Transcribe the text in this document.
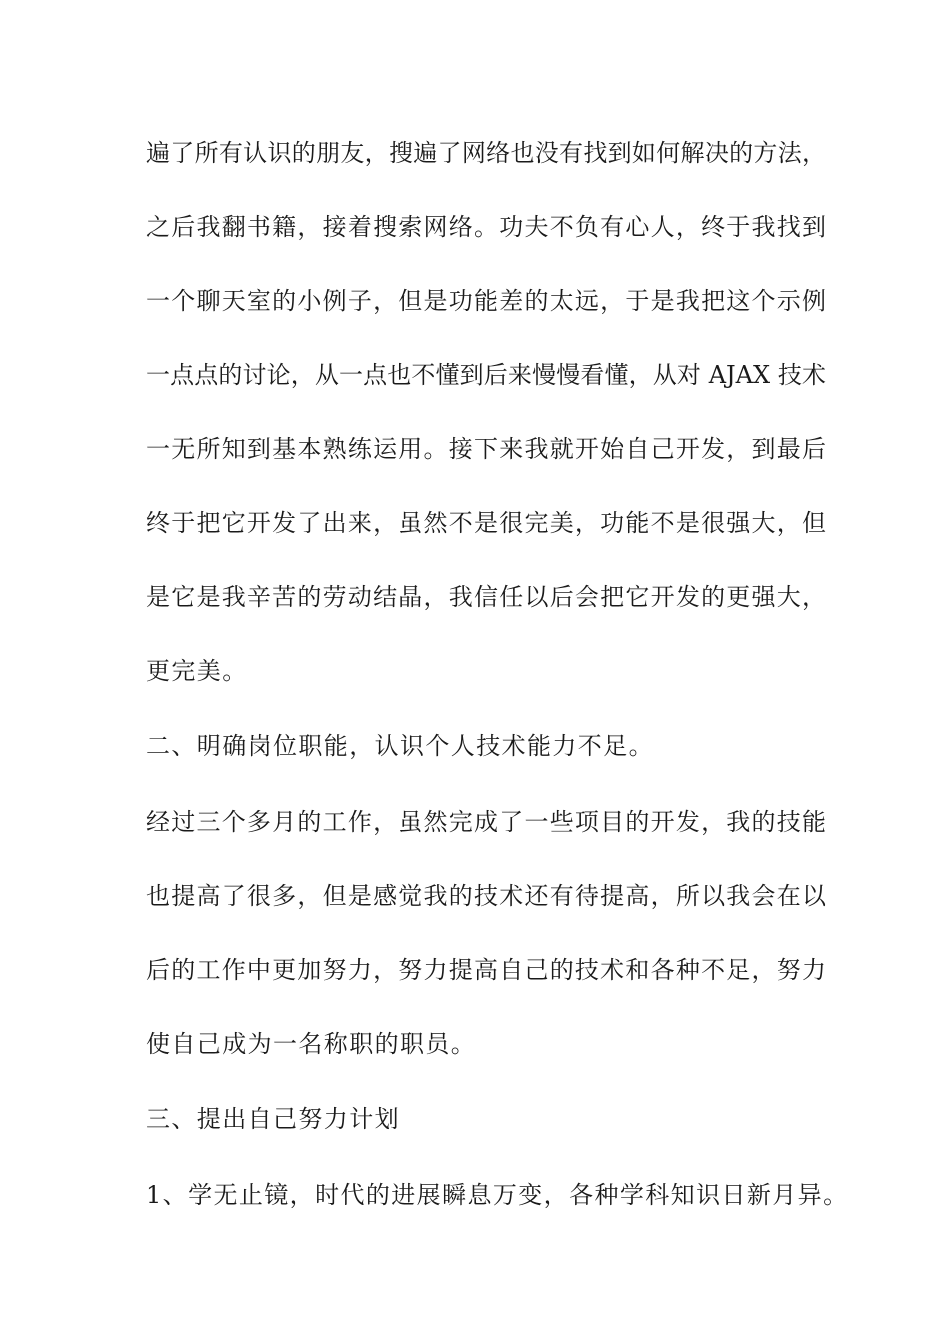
遍了所有认识的朋友，搜遍了网络也没有找到如何解决的方法，
之后我翻书籍，接着搜索网络。功夫不负有心人，终于我找到
一个聊天室的小例子，但是功能差的太远，于是我把这个示例
一点点的讨论，从一点也不懂到后来慢慢看懂，从对 AJAX 技术
一无所知到基本熟练运用。接下来我就开始自己开发，到最后
终于把它开发了出来，虽然不是很完美，功能不是很强大，但
是它是我辛苦的劳动结晶，我信任以后会把它开发的更强大，
更完美。
二、明确岗位职能，认识个人技术能力不足。
经过三个多月的工作，虽然完成了一些项目的开发，我的技能
也提高了很多，但是感觉我的技术还有待提高，所以我会在以
后的工作中更加努力，努力提高自己的技术和各种不足，努力
使自己成为一名称职的职员。
三、提出自己努力计划
1、学无止镜，时代的进展瞬息万变，各种学科知识日新月异。
